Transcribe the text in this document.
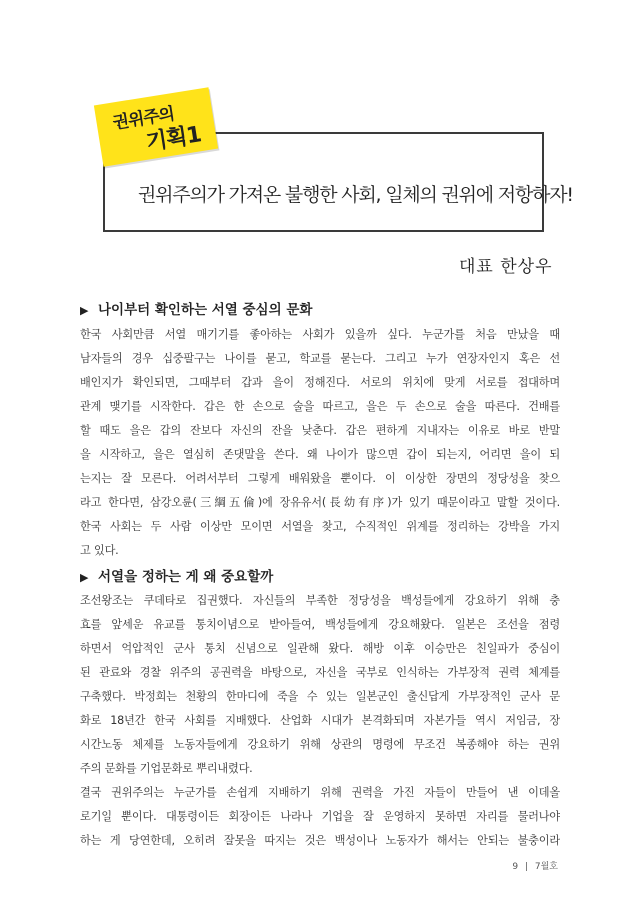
권위주의
기획1
권위주의가 가져온 불행한 사회, 일체의 권위에 저항하자!
대표 한상우
▶ 나이부터 확인하는 서열 중심의 문화
한국 사회만큼 서열 매기기를 좋아하는 사회가 있을까 싶다. 누군가를 처음 만났을 때
남자들의 경우 십중팔구는 나이를 묻고, 학교를 묻는다. 그리고 누가 연장자인지 혹은 선
배인지가 확인되면, 그때부터 갑과 을이 정해진다. 서로의 위치에 맞게 서로를 접대하며
관계 맺기를 시작한다. 갑은 한 손으로 술을 따르고, 을은 두 손으로 술을 따른다. 건배를
할 때도 을은 갑의 잔보다 자신의 잔을 낮춘다. 갑은 편하게 지내자는 이유로 바로 반말
을 시작하고, 을은 열심히 존댓말을 쓴다. 왜 나이가 많으면 갑이 되는지, 어리면 을이 되
는지는 잘 모른다. 어려서부터 그렇게 배워왔을 뿐이다. 이 이상한 장면의 정당성을 찾으
라고 한다면, 삼강오륜(三綱五倫)에 장유유서(長幼有序)가 있기 때문이라고 말할 것이다.
한국 사회는 두 사람 이상만 모이면 서열을 찾고, 수직적인 위계를 정리하는 강박을 가지
고 있다.
▶ 서열을 정하는 게 왜 중요할까
조선왕조는 쿠데타로 집권했다. 자신들의 부족한 정당성을 백성들에게 강요하기 위해 충
효를 앞세운 유교를 통치이념으로 받아들여, 백성들에게 강요해왔다. 일본은 조선을 점령
하면서 억압적인 군사 통치 신념으로 일관해 왔다. 해방 이후 이승만은 친일파가 중심이
된 관료와 경찰 위주의 공권력을 바탕으로, 자신을 국부로 인식하는 가부장적 권력 체계를
구축했다. 박정희는 천황의 한마디에 죽을 수 있는 일본군인 출신답게 가부장적인 군사 문
화로 18년간 한국 사회를 지배했다. 산업화 시대가 본격화되며 자본가들 역시 저임금, 장
시간노동 체제를 노동자들에게 강요하기 위해 상관의 명령에 무조건 복종해야 하는 권위
주의 문화를 기업문화로 뿌리내렸다.
결국 권위주의는 누군가를 손쉽게 지배하기 위해 권력을 가진 자들이 만들어 낸 이데올
로기일 뿐이다. 대통령이든 회장이든 나라나 기업을 잘 운영하지 못하면 자리를 물러나야
하는 게 당연한데, 오히려 잘못을 따지는 것은 백성이나 노동자가 해서는 안되는 불충이라
9 | 7월호
